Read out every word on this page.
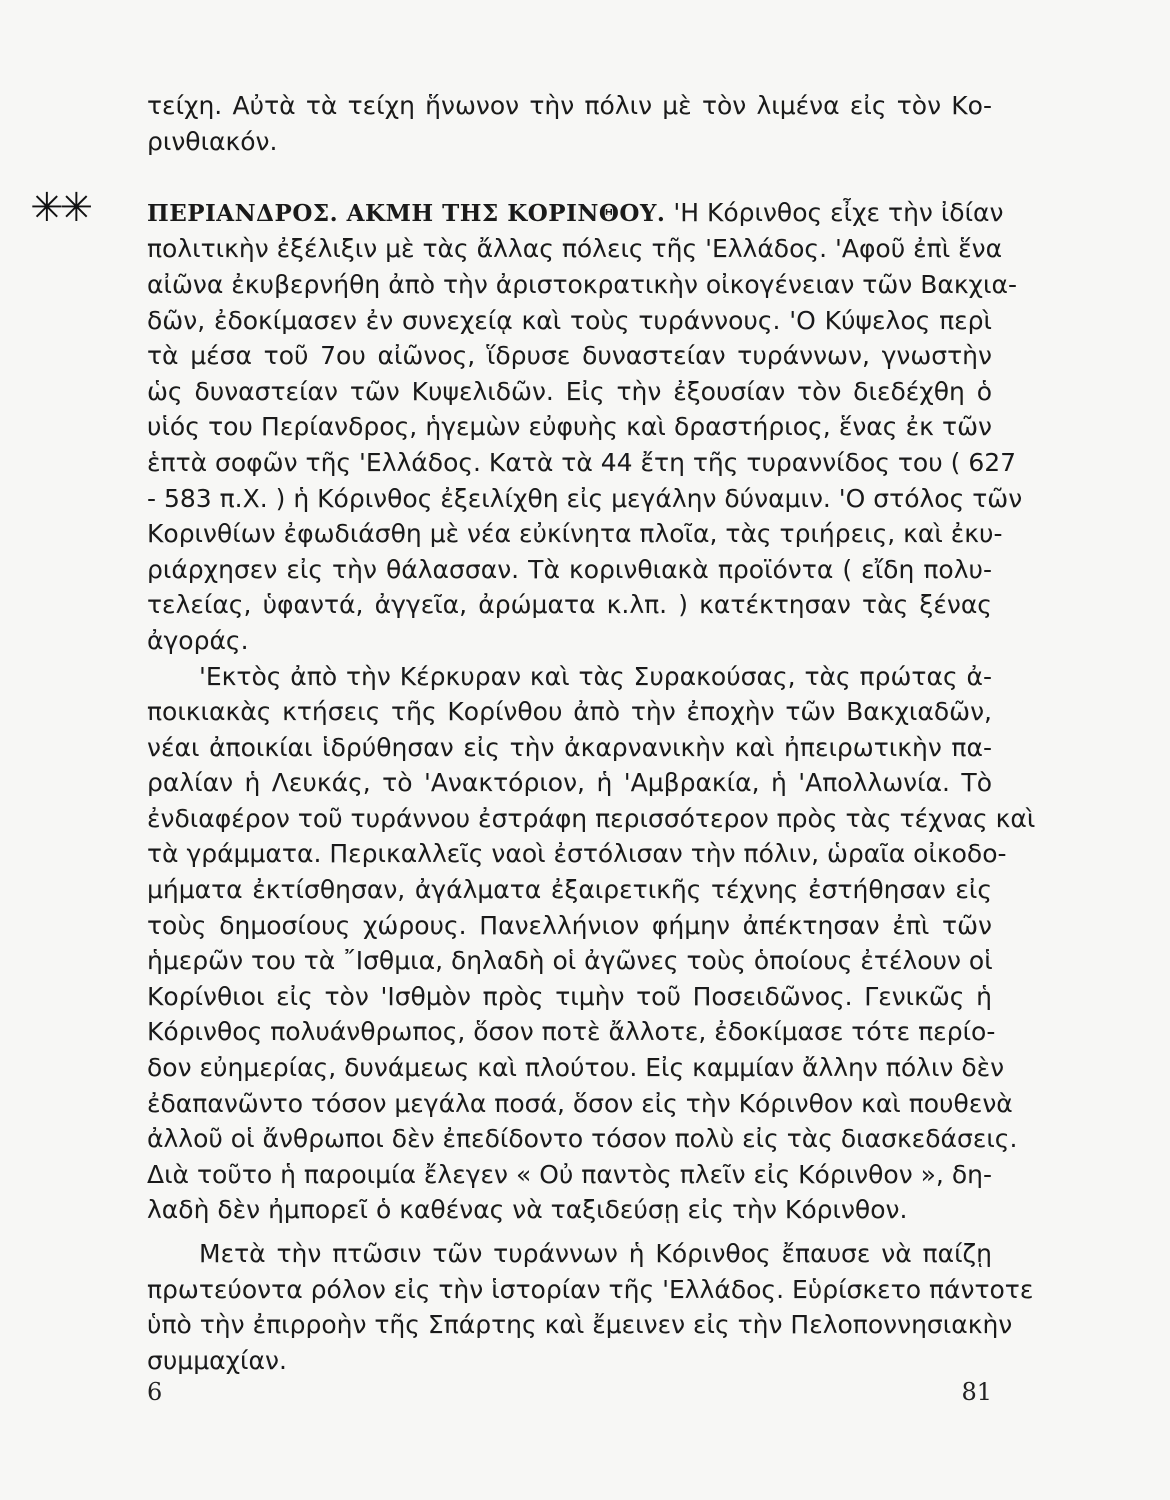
✳✳
τείχη. Αὐτὰ τὰ τείχη ἥνωνον τὴν πόλιν μὲ τὸν λιμένα εἰς τὸν Κο-
ρινθιακόν.
ΠΕΡΙΑΝΔΡΟΣ. ΑΚΜΗ ΤΗΣ ΚΟΡΙΝΘΟΥ. 'Η Κόρινθος εἶχε τὴν ἰδίαν
πολιτικὴν ἐξέλιξιν μὲ τὰς ἄλλας πόλεις τῆς 'Ελλάδος. 'Αφοῦ ἐπὶ ἕνα
αἰῶνα ἐκυβερνήθη ἀπὸ τὴν ἀριστοκρατικὴν οἰκογένειαν τῶν Βακχια-
δῶν, ἐδοκίμασεν ἐν συνεχείᾳ καὶ τοὺς τυράννους. 'Ο Κύψελος περὶ
τὰ μέσα τοῦ 7ου αἰῶνος, ἵδρυσε δυναστείαν τυράννων, γνωστὴν
ὡς δυναστείαν τῶν Κυψελιδῶν. Εἰς τὴν ἐξουσίαν τὸν διεδέχθη ὁ
υἱός του Περίανδρος, ἡγεμὼν εὐφυὴς καὶ δραστήριος, ἕνας ἐκ τῶν
ἑπτὰ σοφῶν τῆς 'Ελλάδος. Κατὰ τὰ 44 ἔτη τῆς τυραννίδος του ( 627
- 583 π.Χ. ) ἡ Κόρινθος ἐξειλίχθη εἰς μεγάλην δύναμιν. 'Ο στόλος τῶν
Κορινθίων ἐφωδιάσθη μὲ νέα εὐκίνητα πλοῖα, τὰς τριήρεις, καὶ ἐκυ-
ριάρχησεν εἰς τὴν θάλασσαν. Τὰ κορινθιακὰ προϊόντα ( εἴδη πολυ-
τελείας, ὑφαντά, ἀγγεῖα, ἀρώματα κ.λπ. ) κατέκτησαν τὰς ξένας
ἀγοράς.
'Εκτὸς ἀπὸ τὴν Κέρκυραν καὶ τὰς Συρακούσας, τὰς πρώτας ἀ-
ποικιακὰς κτήσεις τῆς Κορίνθου ἀπὸ τὴν ἐποχὴν τῶν Βακχιαδῶν,
νέαι ἀποικίαι ἱδρύθησαν εἰς τὴν ἀκαρνανικὴν καὶ ἠπειρωτικὴν πα-
ραλίαν ἡ Λευκάς, τὸ 'Ανακτόριον, ἡ 'Αμβρακία, ἡ 'Απολλωνία. Τὸ
ἐνδιαφέρον τοῦ τυράννου ἐστράφη περισσότερον πρὸς τὰς τέχνας καὶ
τὰ γράμματα. Περικαλλεῖς ναοὶ ἐστόλισαν τὴν πόλιν, ὡραῖα οἰκοδο-
μήματα ἐκτίσθησαν, ἀγάλματα ἐξαιρετικῆς τέχνης ἐστήθησαν εἰς
τοὺς δημοσίους χώρους. Πανελλήνιον φήμην ἀπέκτησαν ἐπὶ τῶν
ἡμερῶν του τὰ ῎Ισθμια, δηλαδὴ οἱ ἀγῶνες τοὺς ὁποίους ἐτέλουν οἱ
Κορίνθιοι εἰς τὸν 'Ισθμὸν πρὸς τιμὴν τοῦ Ποσειδῶνος. Γενικῶς ἡ
Κόρινθος πολυάνθρωπος, ὅσον ποτὲ ἄλλοτε, ἐδοκίμασε τότε περίο-
δον εὐημερίας, δυνάμεως καὶ πλούτου. Εἰς καμμίαν ἄλλην πόλιν δὲν
ἐδαπανῶντο τόσον μεγάλα ποσά, ὅσον εἰς τὴν Κόρινθον καὶ πουθενὰ
ἀλλοῦ οἱ ἄνθρωποι δὲν ἐπεδίδοντο τόσον πολὺ εἰς τὰς διασκεδάσεις.
Διὰ τοῦτο ἡ παροιμία ἔλεγεν « Οὐ παντὸς πλεῖν εἰς Κόρινθον », δη-
λαδὴ δὲν ἠμπορεῖ ὁ καθένας νὰ ταξιδεύσῃ εἰς τὴν Κόρινθον.
Μετὰ τὴν πτῶσιν τῶν τυράννων ἡ Κόρινθος ἔπαυσε νὰ παίζῃ
πρωτεύοντα ρόλον εἰς τὴν ἱστορίαν τῆς 'Ελλάδος. Εὑρίσκετο πάντοτε
ὑπὸ τὴν ἐπιρροὴν τῆς Σπάρτης καὶ ἔμεινεν εἰς τὴν Πελοποννησιακὴν
συμμαχίαν.
6	81
